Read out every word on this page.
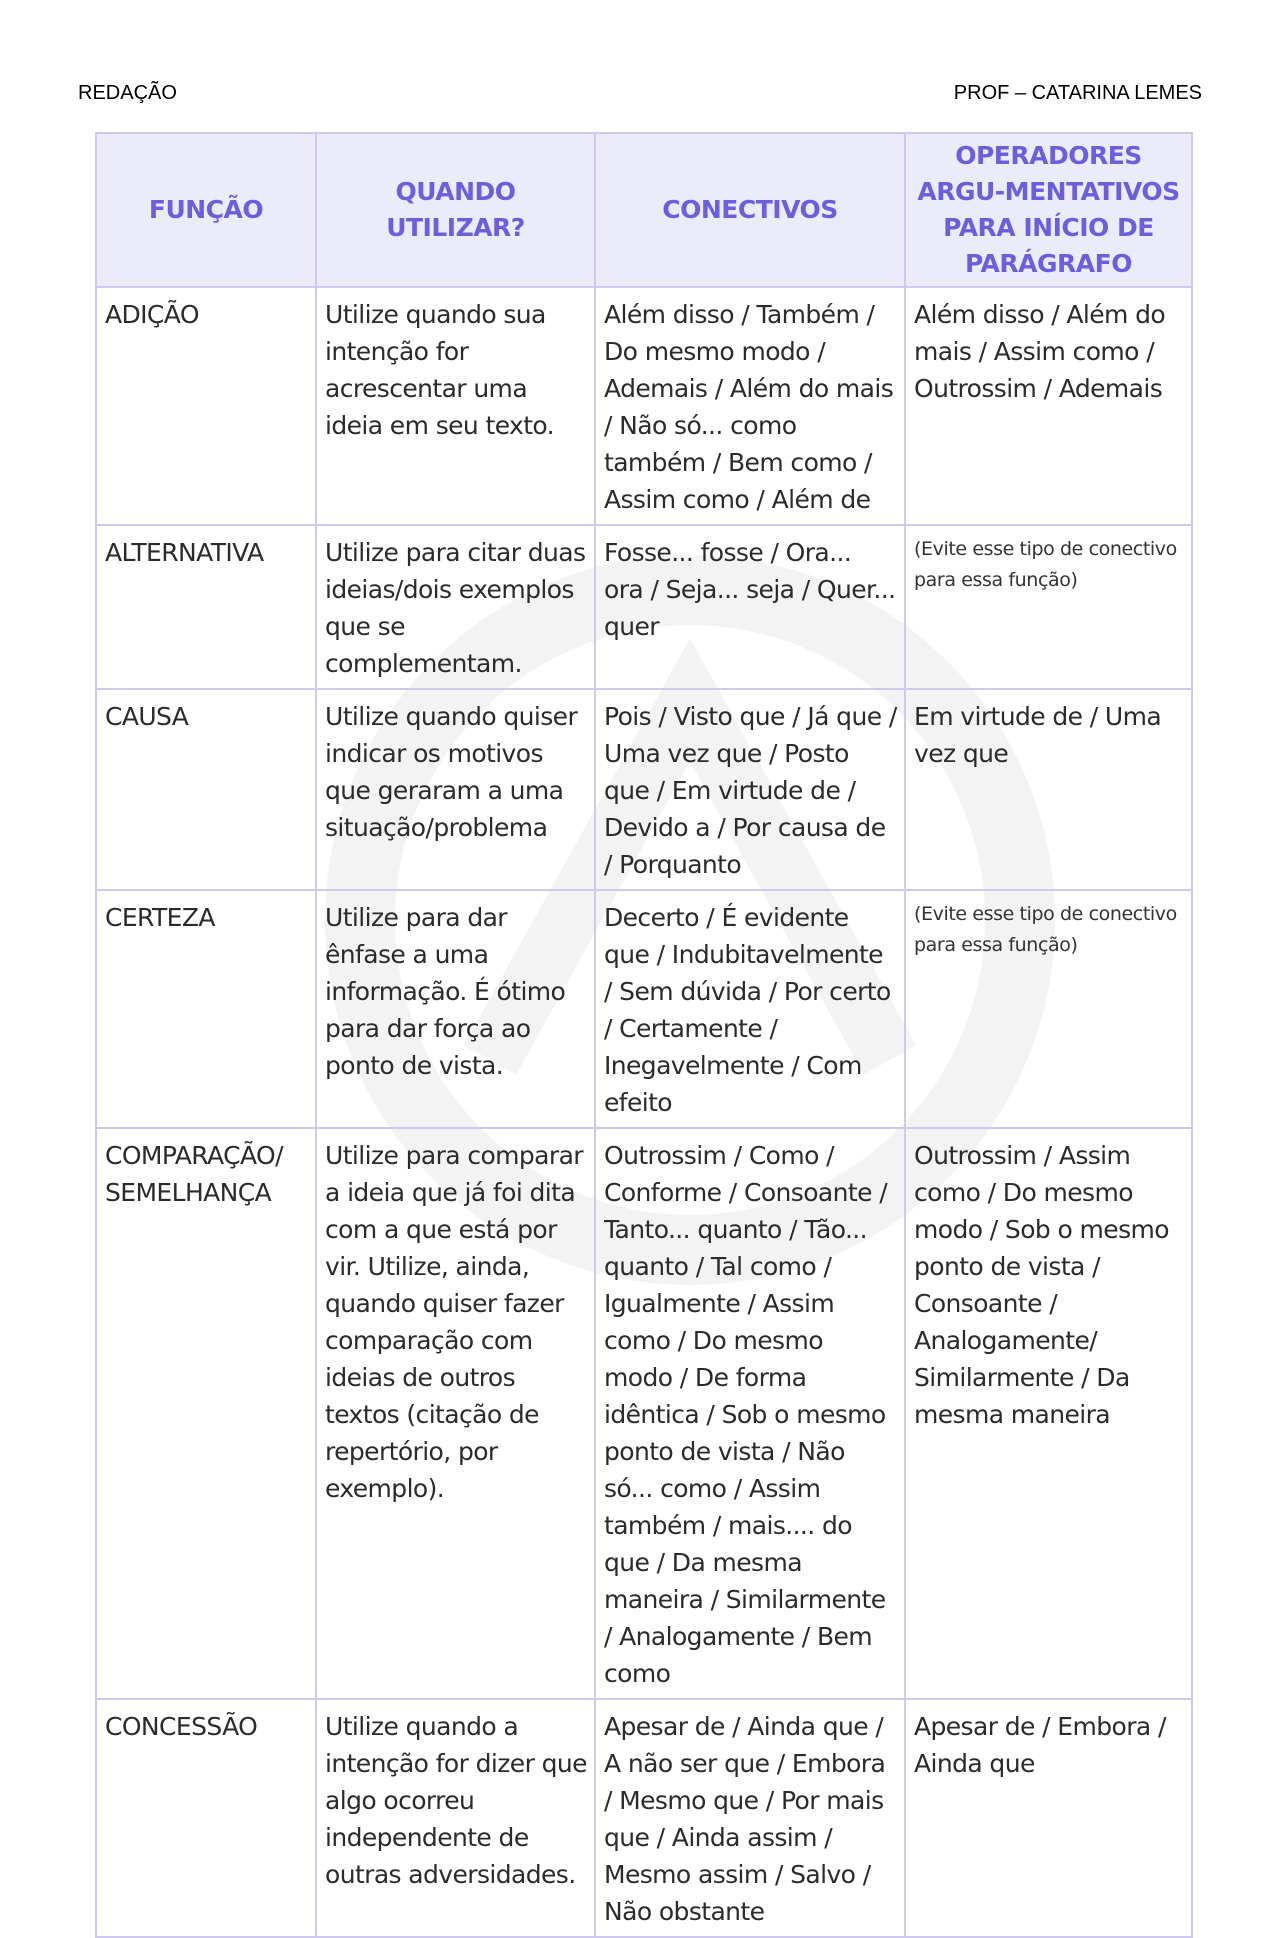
REDAÇÃO	PROF – CATARINA LEMES
FUNÇÃO	QUANDO UTILIZAR?	CONECTIVOS	OPERADORES ARGU-MENTATIVOS PARA INÍCIO DE PARÁGRAFO
ADIÇÃO	Utilize quando sua intenção for acrescentar uma ideia em seu texto.	Além disso / Também / Do mesmo modo / Ademais / Além do mais / Não só... como também / Bem como / Assim como / Além de	Além disso / Além do mais / Assim como / Outrossim / Ademais
ALTERNATIVA	Utilize para citar duas ideias/dois exemplos que se complementam.	Fosse... fosse / Ora... ora / Seja... seja / Quer... quer	(Evite esse tipo de conectivo para essa função)
CAUSA	Utilize quando quiser indicar os motivos que geraram a uma situação/problema	Pois / Visto que / Já que / Uma vez que / Posto que / Em virtude de / Devido a / Por causa de / Porquanto	Em virtude de / Uma vez que
CERTEZA	Utilize para dar ênfase a uma informação. É ótimo para dar força ao ponto de vista.	Decerto / É evidente que / Indubitavelmente / Sem dúvida / Por certo / Certamente / Inegavelmente / Com efeito	(Evite esse tipo de conectivo para essa função)
COMPARAÇÃO/ SEMELHANÇA	Utilize para comparar a ideia que já foi dita com a que está por vir. Utilize, ainda, quando quiser fazer comparação com ideias de outros textos (citação de repertório, por exemplo).	Outrossim / Como / Conforme / Consoante / Tanto... quanto / Tão... quanto / Tal como / Igualmente / Assim como / Do mesmo modo / De forma idêntica / Sob o mesmo ponto de vista / Não só... como / Assim também / mais.... do que / Da mesma maneira / Similarmente / Analogamente / Bem como	Outrossim / Assim como / Do mesmo modo / Sob o mesmo ponto de vista / Consoante / Analogamente/ Similarmente / Da mesma maneira
CONCESSÃO	Utilize quando a intenção for dizer que algo ocorreu independente de outras adversidades.	Apesar de / Ainda que / A não ser que / Embora / Mesmo que / Por mais que / Ainda assim / Mesmo assim / Salvo / Não obstante	Apesar de / Embora / Ainda que
